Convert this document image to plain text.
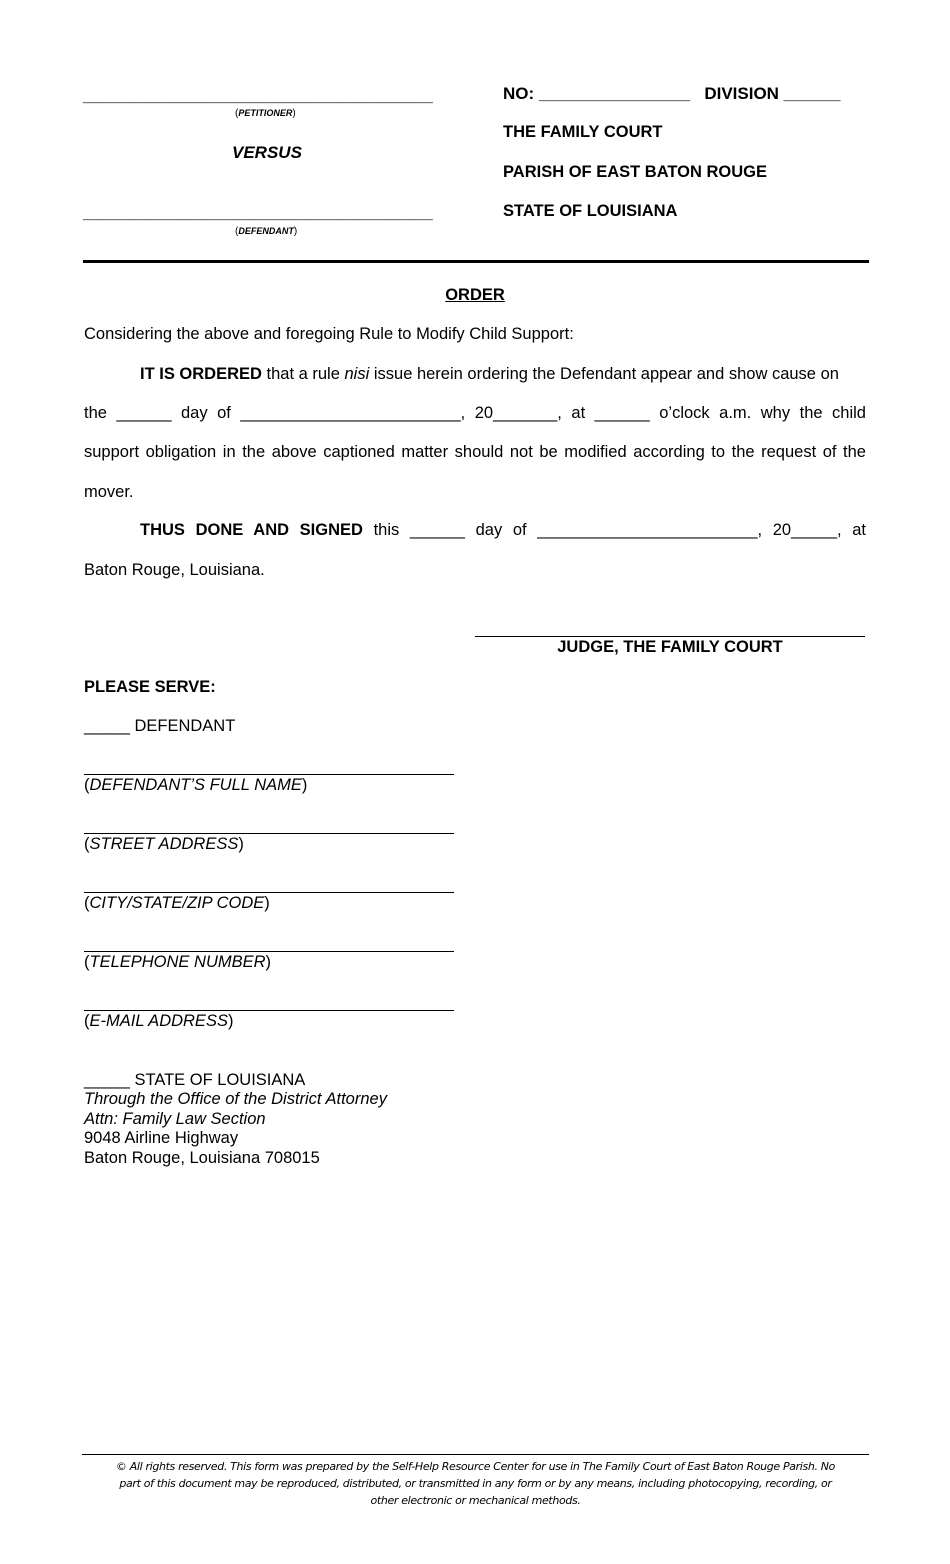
_____________________________________
(PETITIONER)
VERSUS
_____________________________________
(DEFENDANT)
NO: ________________   DIVISION ______
THE FAMILY COURT
PARISH OF EAST BATON ROUGE
STATE OF LOUISIANA
ORDER
Considering the above and foregoing Rule to Modify Child Support:
IT IS ORDERED that a rule nisi issue herein ordering the Defendant appear and show cause on
the ______ day of ________________________, 20_______, at ______ o’clock a.m. why the child
support obligation in the above captioned matter should not be modified according to the request of the
mover.
THUS DONE AND SIGNED this ______ day of ________________________, 20_____, at
Baton Rouge, Louisiana.
JUDGE, THE FAMILY COURT
PLEASE SERVE:
_____ DEFENDANT
(DEFENDANT’S FULL NAME)
(STREET ADDRESS)
(CITY/STATE/ZIP CODE)
(TELEPHONE NUMBER)
(E-MAIL ADDRESS)
_____ STATE OF LOUISIANA
Through the Office of the District Attorney
Attn: Family Law Section
9048 Airline Highway
Baton Rouge, Louisiana 708015
© All rights reserved. This form was prepared by the Self-Help Resource Center for use in The Family Court of East Baton Rouge Parish. No
part of this document may be reproduced, distributed, or transmitted in any form or by any means, including photocopying, recording, or
other electronic or mechanical methods.
